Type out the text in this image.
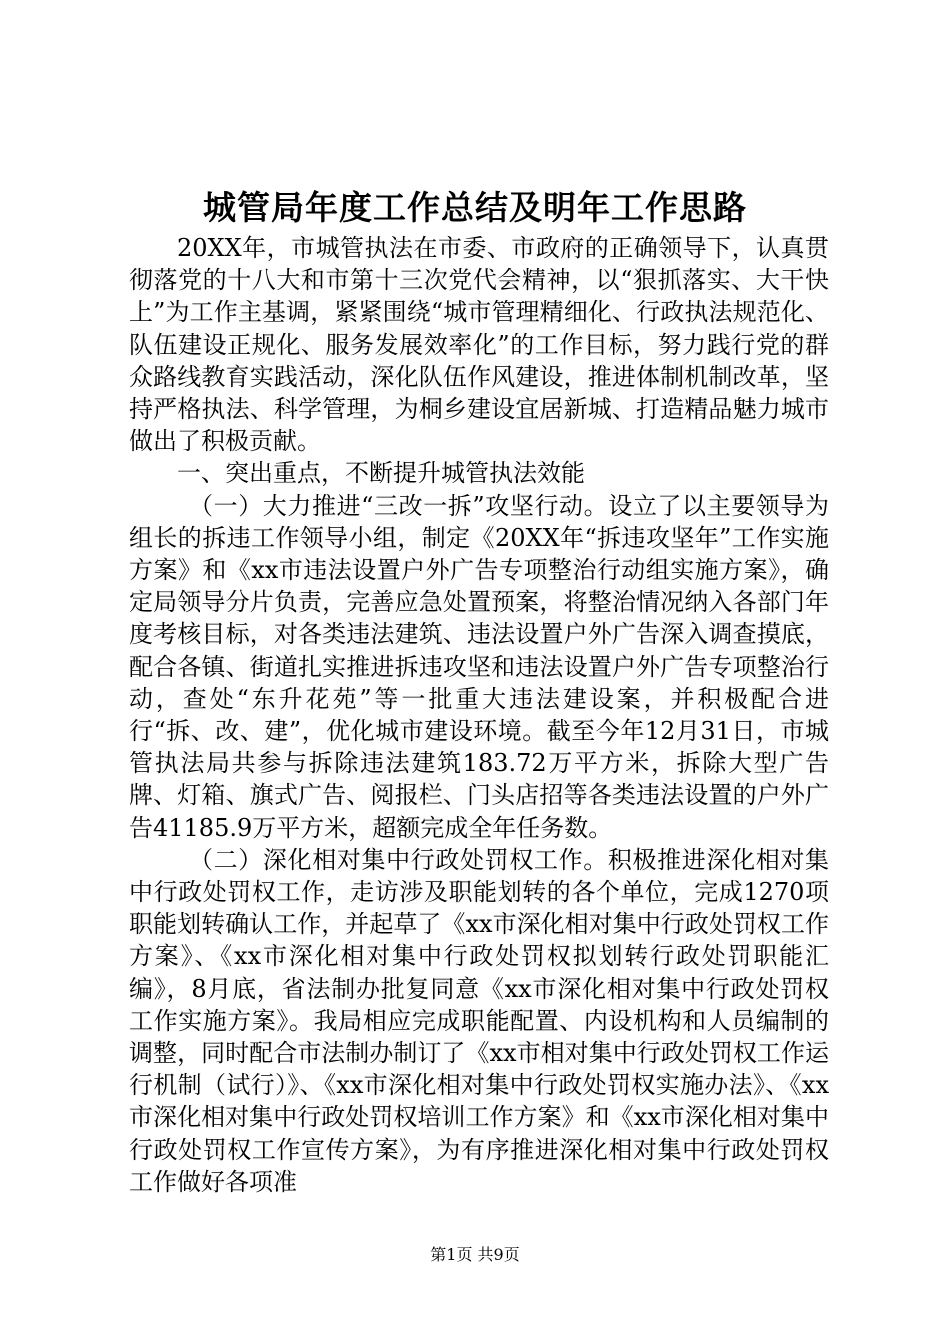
城管局年度工作总结及明年工作思路

20XX年，市城管执法在市委、市政府的正确领导下，认真贯彻落党的十八大和市第十三次党代会精神，以“狠抓落实、大干快上”为工作主基调，紧紧围绕“城市管理精细化、行政执法规范化、队伍建设正规化、服务发展效率化”的工作目标，努力践行党的群众路线教育实践活动，深化队伍作风建设，推进体制机制改革，坚持严格执法、科学管理，为桐乡建设宜居新城、打造精品魅力城市做出了积极贡献。

一、突出重点，不断提升城管执法效能

（一）大力推进“三改一拆”攻坚行动。设立了以主要领导为组长的拆违工作领导小组，制定《20XX年“拆违攻坚年”工作实施方案》和《xx市违法设置户外广告专项整治行动组实施方案》，确定局领导分片负责，完善应急处置预案，将整治情况纳入各部门年度考核目标，对各类违法建筑、违法设置户外广告深入调查摸底，配合各镇、街道扎实推进拆违攻坚和违法设置户外广告专项整治行动，查处“东升花苑”等一批重大违法建设案，并积极配合进行“拆、改、建”，优化城市建设环境。截至今年12月31日，市城管执法局共参与拆除违法建筑183.72万平方米，拆除大型广告牌、灯箱、旗式广告、阅报栏、门头店招等各类违法设置的户外广告41185.9万平方米，超额完成全年任务数。

（二）深化相对集中行政处罚权工作。积极推进深化相对集中行政处罚权工作，走访涉及职能划转的各个单位，完成1270项职能划转确认工作，并起草了《xx市深化相对集中行政处罚权工作方案》、《xx市深化相对集中行政处罚权拟划转行政处罚职能汇编》，8月底，省法制办批复同意《xx市深化相对集中行政处罚权工作实施方案》。我局相应完成职能配置、内设机构和人员编制的调整，同时配合市法制办制订了《xx市相对集中行政处罚权工作运行机制（试行）》、《xx市深化相对集中行政处罚权实施办法》、《xx市深化相对集中行政处罚权培训工作方案》和《xx市深化相对集中行政处罚权工作宣传方案》，为有序推进深化相对集中行政处罚权工作做好各项准

第1页 共9页
